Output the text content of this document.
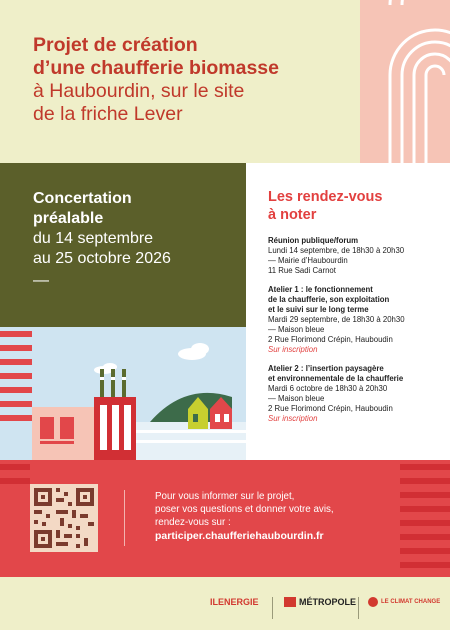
Projet de création
d’une chaufferie biomasse
à Haubourdin, sur le site
de la friche Lever
Concertation
préalable
du 14 septembre
au 25 octobre 2026
—
Les rendez-vous
à noter
Réunion publique/forum
Lundi 14 septembre, de 18h30 à 20h30
— Mairie d’Haubourdin
11 Rue Sadi Carnot
Atelier 1 : le fonctionnement
de la chaufferie, son exploitation
et le suivi sur le long terme
Mardi 29 septembre, de 18h30 à 20h30
— Maison bleue
2 Rue Florimond Crépin, Hauboudin
Sur inscription
Atelier 2 : l’insertion paysagère
et environnementale de la chaufferie
Mardi 6 octobre de 18h30 à 20h30
— Maison bleue
2 Rue Florimond Crépin, Hauboudin
Sur inscription
Pour vous informer sur le projet,
poser vos questions et donner votre avis,
rendez-vous sur :
participer.chaufferiehaubourdin.fr
ILENERGIE	MÉTROPOLE	LE CLIMAT CHANGE
